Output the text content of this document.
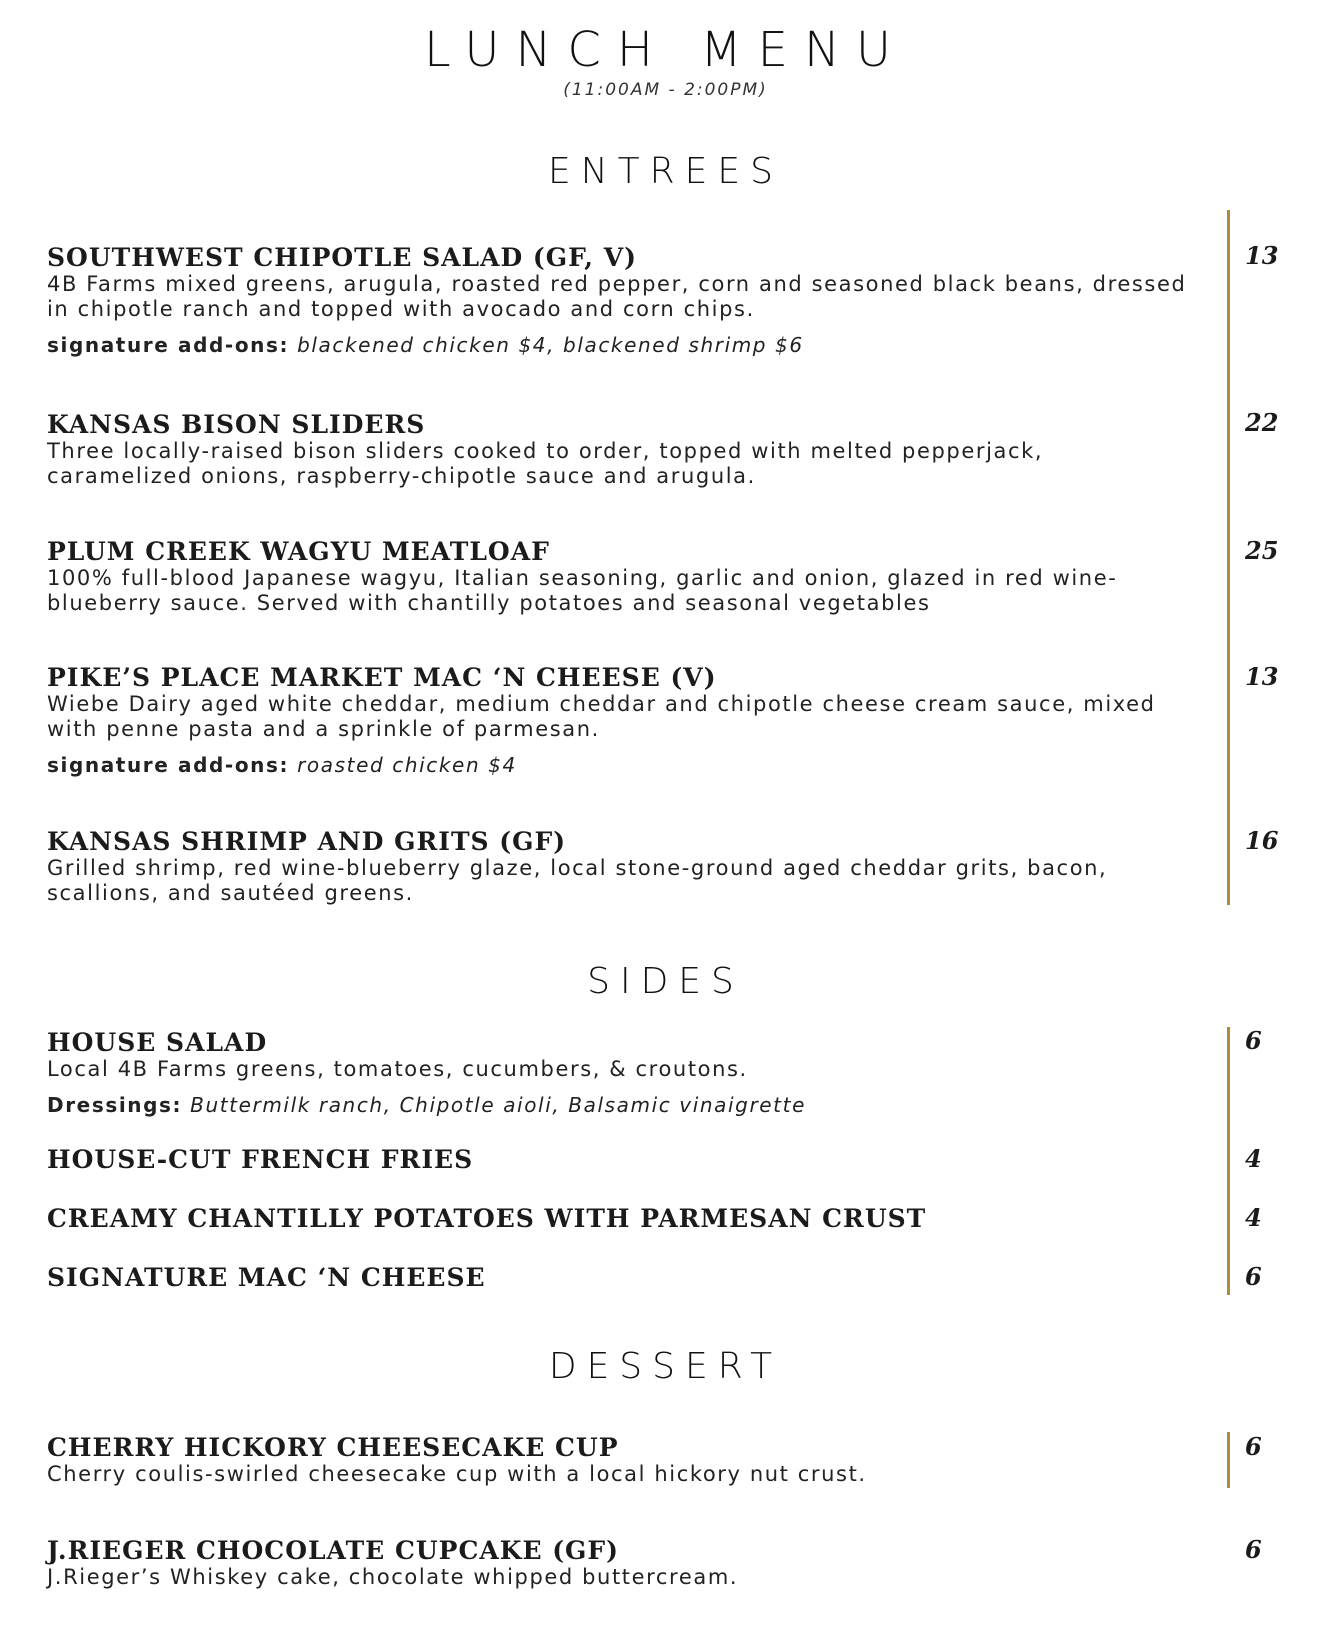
LUNCH MENU
(11:00AM - 2:00PM)
ENTREES
SOUTHWEST CHIPOTLE SALAD (GF, V)
4B Farms mixed greens, arugula, roasted red pepper, corn and seasoned black beans, dressed in chipotle ranch and topped with avocado and corn chips.
signature add-ons: blackened chicken $4, blackened shrimp $6
13
KANSAS BISON SLIDERS
Three locally-raised bison sliders cooked to order, topped with melted pepperjack, caramelized onions, raspberry-chipotle sauce and arugula.
22
PLUM CREEK WAGYU MEATLOAF
100% full-blood Japanese wagyu, Italian seasoning, garlic and onion, glazed in red wine-blueberry sauce. Served with chantilly potatoes and seasonal vegetables
25
PIKE’S PLACE MARKET MAC ‘N CHEESE (V)
Wiebe Dairy aged white cheddar, medium cheddar and chipotle cheese cream sauce, mixed with penne pasta and a sprinkle of parmesan.
signature add-ons: roasted chicken $4
13
KANSAS SHRIMP AND GRITS (GF)
Grilled shrimp, red wine-blueberry glaze, local stone-ground aged cheddar grits, bacon, scallions, and sautéed greens.
16
SIDES
HOUSE SALAD
Local 4B Farms greens, tomatoes, cucumbers, & croutons.
Dressings: Buttermilk ranch, Chipotle aioli, Balsamic vinaigrette
6
HOUSE-CUT FRENCH FRIES	4
CREAMY CHANTILLY POTATOES WITH PARMESAN CRUST	4
SIGNATURE MAC ‘N CHEESE	6
DESSERT
CHERRY HICKORY CHEESECAKE CUP
Cherry coulis-swirled cheesecake cup with a local hickory nut crust.
6
J.RIEGER CHOCOLATE CUPCAKE (GF)
J.Rieger’s Whiskey cake, chocolate whipped buttercream.
6
